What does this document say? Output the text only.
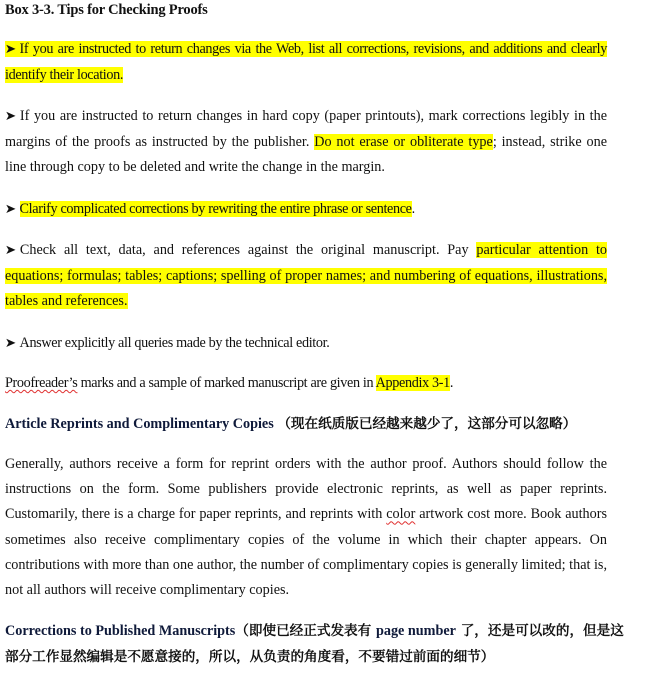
Box 3-3. Tips for Checking Proofs
➤ If you are instructed to return changes via the Web, list all corrections, revisions, and additions and clearly identify their location.
➤ If you are instructed to return changes in hard copy (paper printouts), mark corrections legibly in the margins of the proofs as instructed by the publisher. Do not erase or obliterate type; instead, strike one line through copy to be deleted and write the change in the margin.
➤ Clarify complicated corrections by rewriting the entire phrase or sentence.
➤ Check all text, data, and references against the original manuscript. Pay particular attention to equations; formulas; tables; captions; spelling of proper names; and numbering of equations, illustrations, tables and references.
➤ Answer explicitly all queries made by the technical editor.
Proofreader’s marks and a sample of marked manuscript are given in Appendix 3-1.
Article Reprints and Complimentary Copies （现在纸质版已经越来越少了，这部分可以忽略）
Generally, authors receive a form for reprint orders with the author proof. Authors should follow the instructions on the form. Some publishers provide electronic reprints, as well as paper reprints. Customarily, there is a charge for paper reprints, and reprints with color artwork cost more. Book authors sometimes also receive complimentary copies of the volume in which their chapter appears. On contributions with more than one author, the number of complimentary copies is generally limited; that is, not all authors will receive complimentary copies.
Corrections to Published Manuscripts（即使已经正式发表有 page number 了，还是可以改的，但是这部分工作显然编辑是不愿意接的，所以，从负责的角度看，不要错过前面的细节）
